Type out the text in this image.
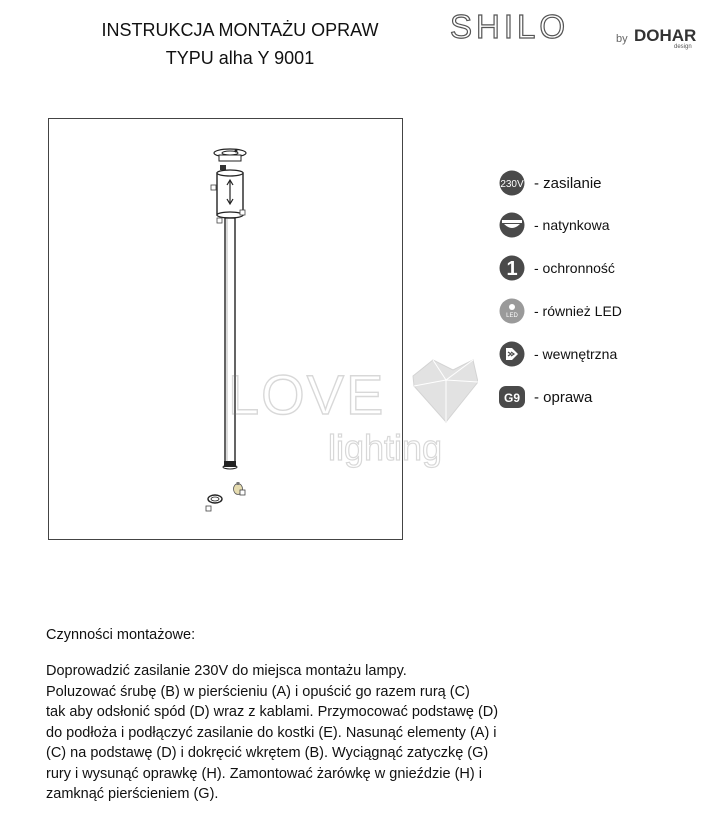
INSTRUKCJA MONTAŻU OPRAW
TYPU alha Y 9001
SHILO	by DOHAR
design
LOVE
lighting
230V - zasilanie
- natynkowa
1 - ochronność
LED - również LED
- wewnętrzna
G9 - oprawa
Czynności montażowe:
Doprowadzić zasilanie 230V do miejsca montażu lampy.
Poluzować śrubę (B) w pierścieniu (A) i opuścić go razem rurą (C)
tak aby odsłonić spód (D) wraz z kablami. Przymocować podstawę (D)
do podłoża i podłączyć zasilanie do kostki (E). Nasunąć elementy (A) i
(C) na podstawę (D) i dokręcić wkrętem (B). Wyciągnąć zatyczkę (G)
rury i wysunąć oprawkę (H). Zamontować żarówkę w gnieździe (H) i
zamknąć pierścieniem (G).
